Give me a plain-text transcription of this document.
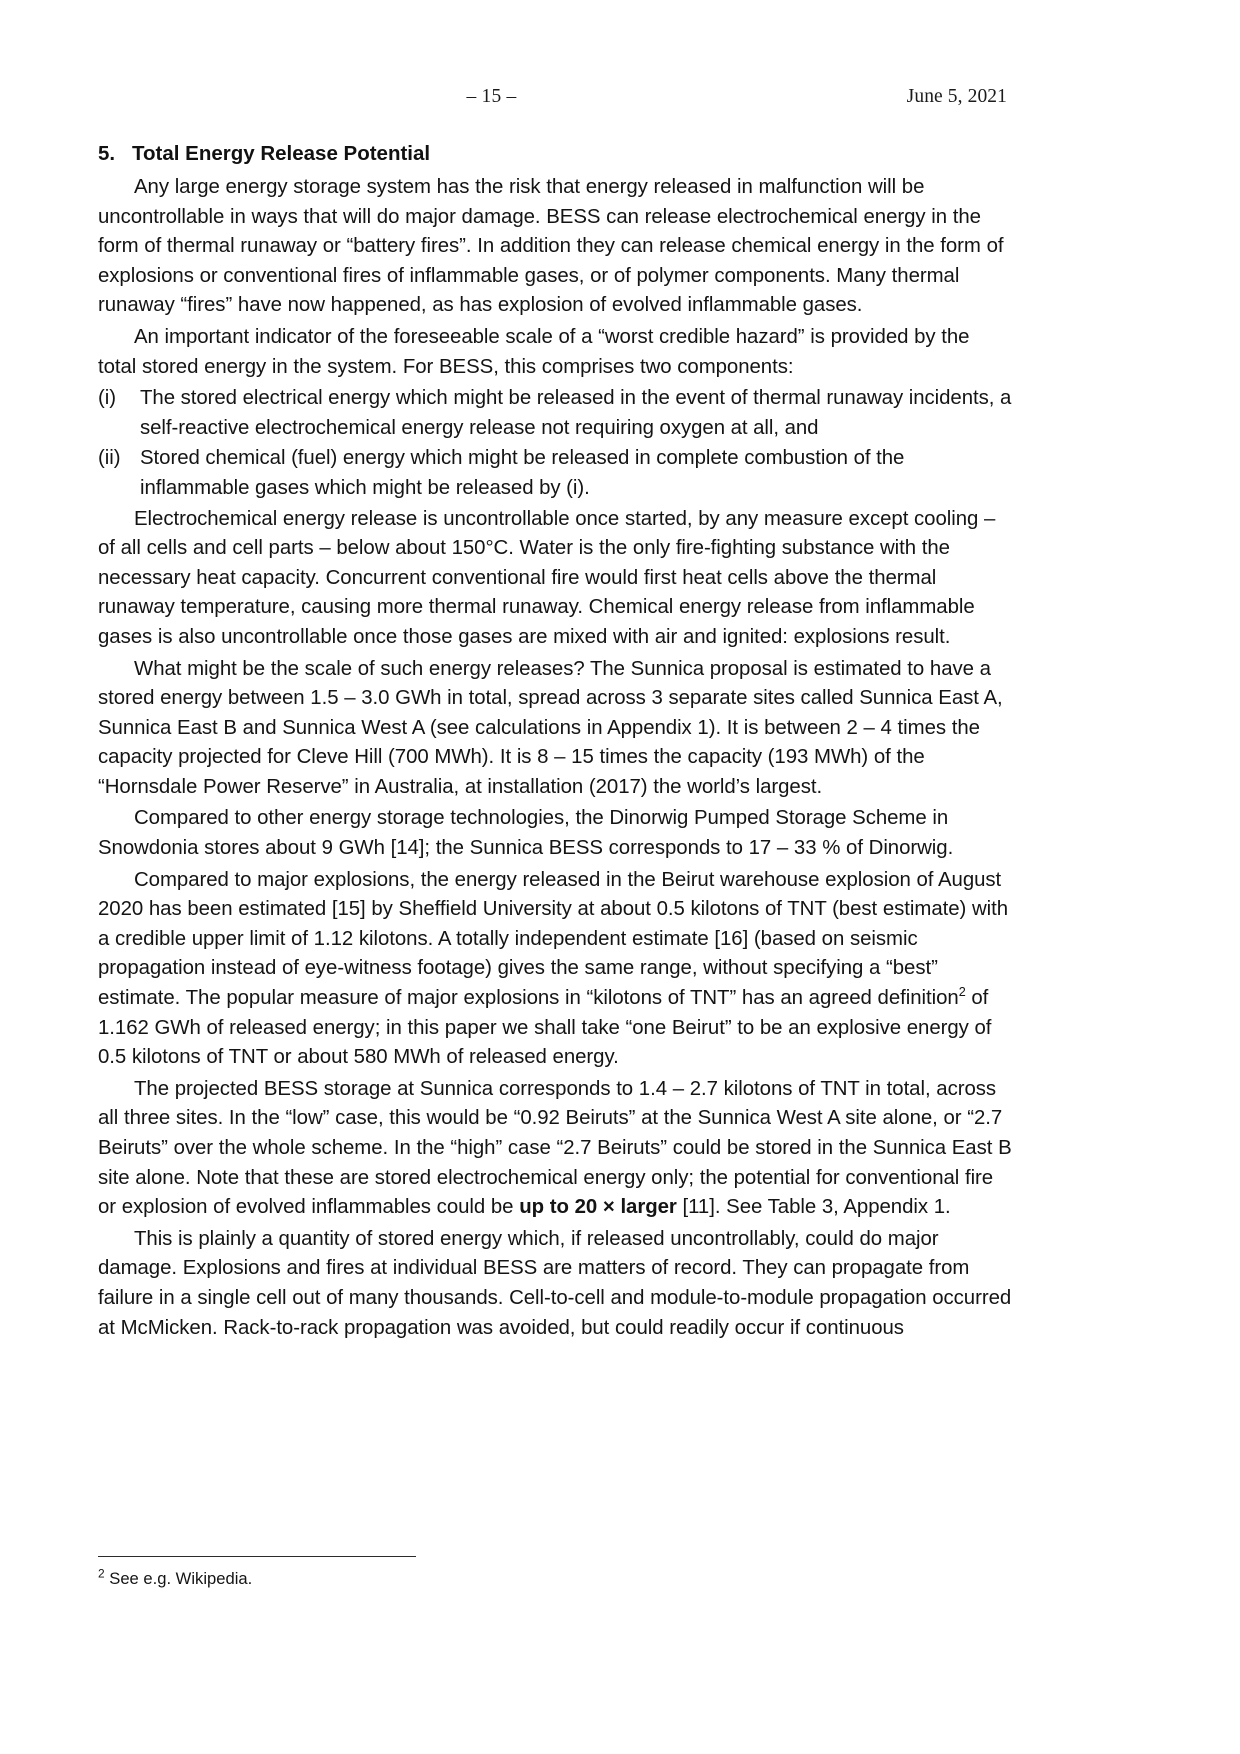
– 15 –	June 5, 2021
5. Total Energy Release Potential

Any large energy storage system has the risk that energy released in malfunction will be uncontrollable in ways that will do major damage. BESS can release electrochemical energy in the form of thermal runaway or “battery fires”. In addition they can release chemical energy in the form of explosions or conventional fires of inflammable gases, or of polymer components. Many thermal runaway “fires” have now happened, as has explosion of evolved inflammable gases.

An important indicator of the foreseeable scale of a “worst credible hazard” is provided by the total stored energy in the system. For BESS, this comprises two components:

(i)	The stored electrical energy which might be released in the event of thermal runaway incidents, a self-reactive electrochemical energy release not requiring oxygen at all, and
(ii) Stored chemical (fuel) energy which might be released in complete combustion of the inflammable gases which might be released by (i).

Electrochemical energy release is uncontrollable once started, by any measure except cooling – of all cells and cell parts – below about 150°C. Water is the only fire-fighting substance with the necessary heat capacity. Concurrent conventional fire would first heat cells above the thermal runaway temperature, causing more thermal runaway. Chemical energy release from inflammable gases is also uncontrollable once those gases are mixed with air and ignited: explosions result.

What might be the scale of such energy releases? The Sunnica proposal is estimated to have a stored energy between 1.5 – 3.0 GWh in total, spread across 3 separate sites called Sunnica East A, Sunnica East B and Sunnica West A (see calculations in Appendix 1). It is between 2 – 4 times the capacity projected for Cleve Hill (700 MWh). It is 8 – 15 times the capacity (193 MWh) of the “Hornsdale Power Reserve” in Australia, at installation (2017) the world’s largest.

Compared to other energy storage technologies, the Dinorwig Pumped Storage Scheme in Snowdonia stores about 9 GWh [14]; the Sunnica BESS corresponds to 17 – 33 % of Dinorwig.

Compared to major explosions, the energy released in the Beirut warehouse explosion of August 2020 has been estimated [15] by Sheffield University at about 0.5 kilotons of TNT (best estimate) with a credible upper limit of 1.12 kilotons. A totally independent estimate [16] (based on seismic propagation instead of eye-witness footage) gives the same range, without specifying a “best” estimate. The popular measure of major explosions in “kilotons of TNT” has an agreed definition$^2$ of 1.162 GWh of released energy; in this paper we shall take “one Beirut” to be an explosive energy of 0.5 kilotons of TNT or about 580 MWh of released energy.

The projected BESS storage at Sunnica corresponds to 1.4 – 2.7 kilotons of TNT in total, across all three sites. In the “low” case, this would be “0.92 Beiruts” at the Sunnica West A site alone, or “2.7 Beiruts” over the whole scheme. In the “high” case “2.7 Beiruts” could be stored in the Sunnica East B site alone. Note that these are stored electrochemical energy only; the potential for conventional fire or explosion of evolved inflammables could be up to 20 × larger [11]. See Table 3, Appendix 1.

This is plainly a quantity of stored energy which, if released uncontrollably, could do major damage. Explosions and fires at individual BESS are matters of record. They can propagate from failure in a single cell out of many thousands. Cell-to-cell and module-to-module propagation occurred at McMicken. Rack-to-rack propagation was avoided, but could readily occur if continuous

$^2$ See e.g. Wikipedia.
